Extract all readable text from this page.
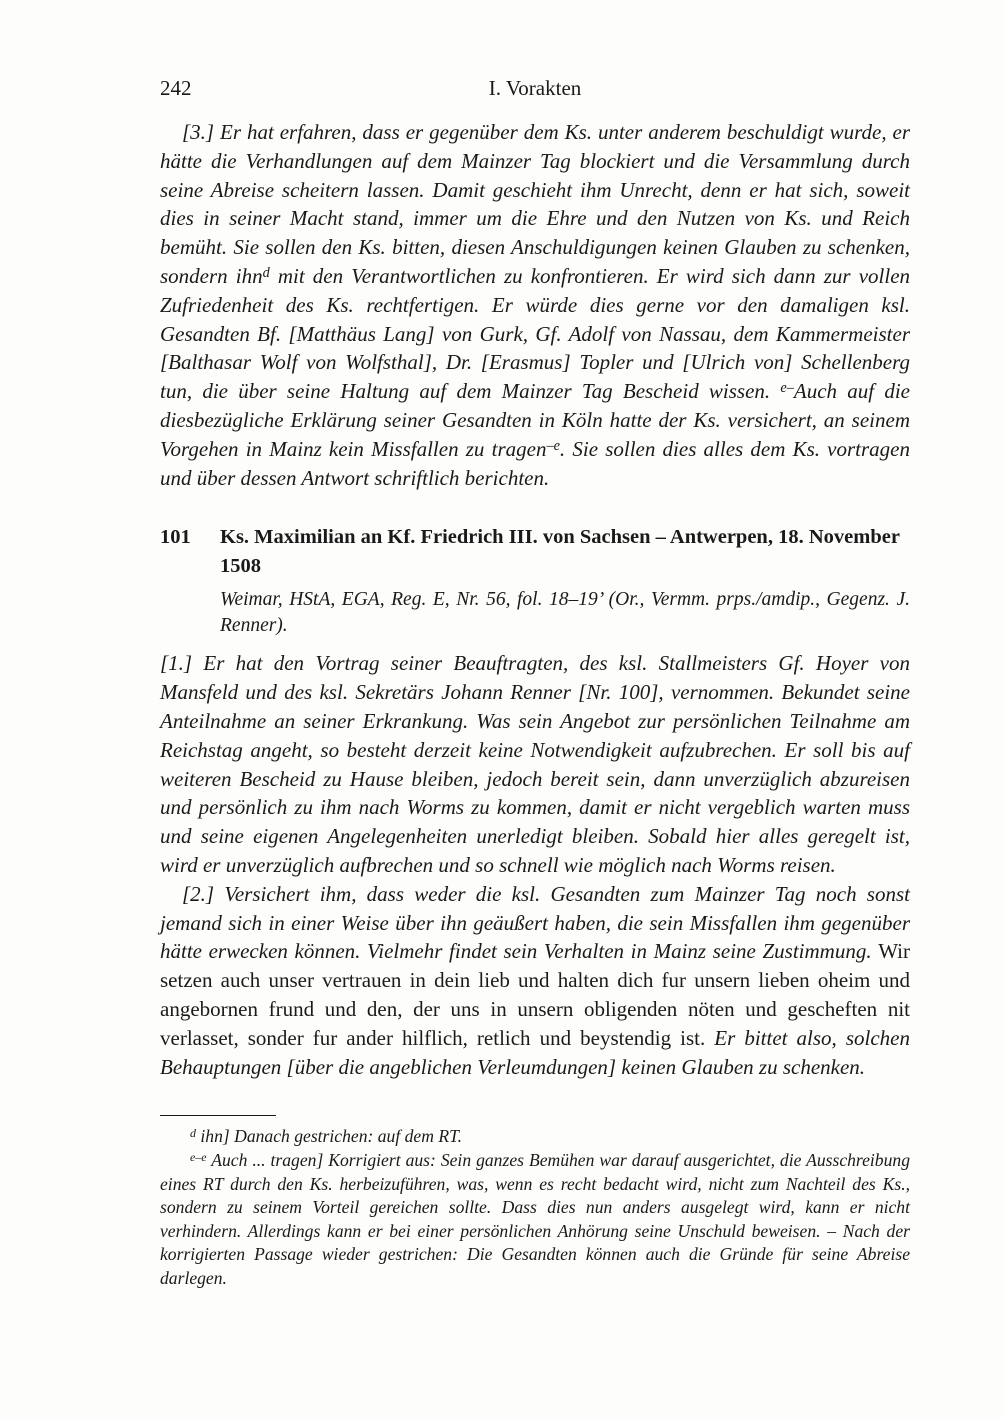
242	I. Vorakten

[3.] Er hat erfahren, dass er gegenüber dem Ks. unter anderem beschuldigt wurde, er hätte die Verhandlungen auf dem Mainzer Tag blockiert und die Versammlung durch seine Abreise scheitern lassen. Damit geschieht ihm Unrecht, denn er hat sich, soweit dies in seiner Macht stand, immer um die Ehre und den Nutzen von Ks. und Reich bemüht. Sie sollen den Ks. bitten, diesen Anschuldigungen keinen Glauben zu schenken, sondern ihn$^d$ mit den Verantwortlichen zu konfrontieren. Er wird sich dann zur vollen Zufriedenheit des Ks. rechtfertigen. Er würde dies gerne vor den damaligen ksl. Gesandten Bf. [Matthäus Lang] von Gurk, Gf. Adolf von Nassau, dem Kammermeister [Balthasar Wolf von Wolfsthal], Dr. [Erasmus] Topler und [Ulrich von] Schellenberg tun, die über seine Haltung auf dem Mainzer Tag Bescheid wissen. $^{e-}$Auch auf die diesbezügliche Erklärung seiner Gesandten in Köln hatte der Ks. versichert, an seinem Vorgehen in Mainz kein Missfallen zu tragen$^{-e}$. Sie sollen dies alles dem Ks. vortragen und über dessen Antwort schriftlich berichten.

101 Ks. Maximilian an Kf. Friedrich III. von Sachsen – Antwerpen, 18. November 1508

Weimar, HStA, EGA, Reg. E, Nr. 56, fol. 18–19’ (Or., Vermm. prps./amdip., Gegenz. J. Renner).

[1.] Er hat den Vortrag seiner Beauftragten, des ksl. Stallmeisters Gf. Hoyer von Mansfeld und des ksl. Sekretärs Johann Renner [Nr. 100], vernommen. Bekundet seine Anteilnahme an seiner Erkrankung. Was sein Angebot zur persönlichen Teilnahme am Reichstag angeht, so besteht derzeit keine Notwendigkeit aufzubrechen. Er soll bis auf weiteren Bescheid zu Hause bleiben, jedoch bereit sein, dann unverzüglich abzureisen und persönlich zu ihm nach Worms zu kommen, damit er nicht vergeblich warten muss und seine eigenen Angelegenheiten unerledigt bleiben. Sobald hier alles geregelt ist, wird er unverzüglich aufbrechen und so schnell wie möglich nach Worms reisen.

[2.] Versichert ihm, dass weder die ksl. Gesandten zum Mainzer Tag noch sonst jemand sich in einer Weise über ihn geäußert haben, die sein Missfallen ihm gegenüber hätte erwecken können. Vielmehr findet sein Verhalten in Mainz seine Zustimmung. Wir setzen auch unser vertrauen in dein lieb und halten dich fur unsern lieben oheim und angebornen frund und den, der uns in unsern obligenden nöten und gescheften nit verlasset, sonder fur ander hilflich, retlich und beystendig ist. Er bittet also, solchen Behauptungen [über die angeblichen Verleumdungen] keinen Glauben zu schenken.

$^d$ ihn] Danach gestrichen: auf dem RT.

$^{e-e}$ Auch ... tragen] Korrigiert aus: Sein ganzes Bemühen war darauf ausgerichtet, die Ausschreibung eines RT durch den Ks. herbeizuführen, was, wenn es recht bedacht wird, nicht zum Nachteil des Ks., sondern zu seinem Vorteil gereichen sollte. Dass dies nun anders ausgelegt wird, kann er nicht verhindern. Allerdings kann er bei einer persönlichen Anhörung seine Unschuld beweisen. – Nach der korrigierten Passage wieder gestrichen: Die Gesandten können auch die Gründe für seine Abreise darlegen.
